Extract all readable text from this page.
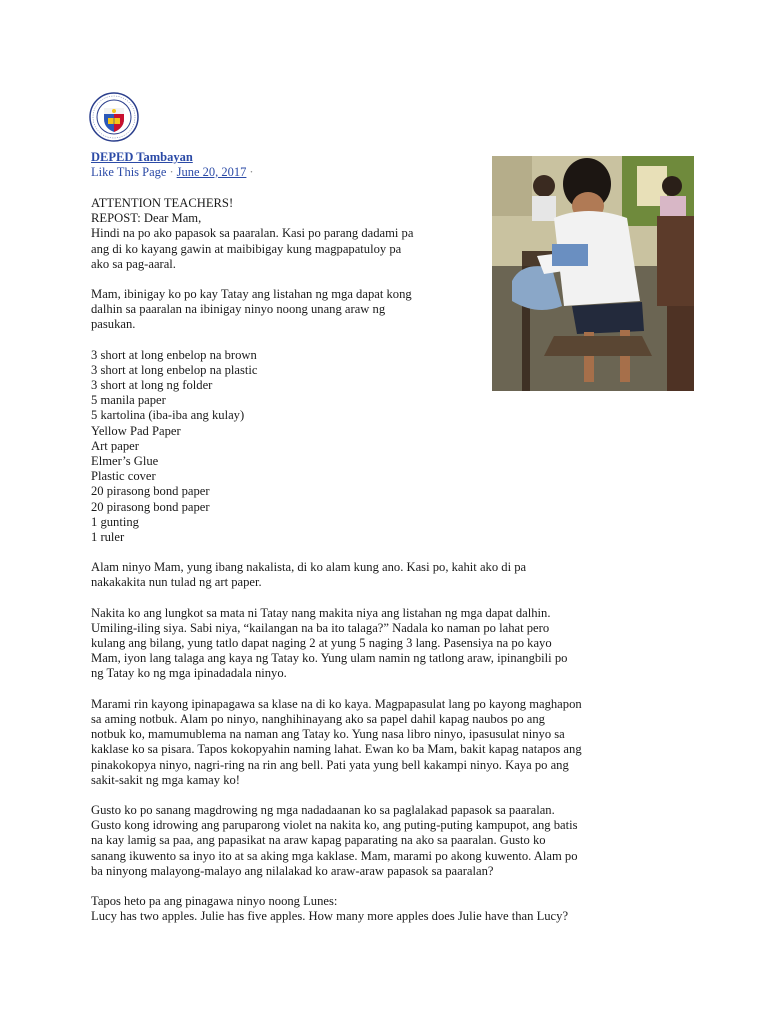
DEPED Tambayan
Like This Page · June 20, 2017 ·

ATTENTION TEACHERS!
REPOST: Dear Mam,
Hindi na po ako papasok sa paaralan. Kasi po parang dadami pa
ang di ko kayang gawin at maibibigay kung magpapatuloy pa
ako sa pag-aaral.

Mam, ibinigay ko po kay Tatay ang listahan ng mga dapat kong
dalhin sa paaralan na ibinigay ninyo noong unang araw ng
pasukan.

3 short at long enbelop na brown
3 short at long enbelop na plastic
3 short at long ng folder
5 manila paper
5 kartolina (iba-iba ang kulay)
Yellow Pad Paper
Art paper
Elmer’s Glue
Plastic cover
20 pirasong bond paper
20 pirasong bond paper
1 gunting
1 ruler

Alam ninyo Mam, yung ibang nakalista, di ko alam kung ano. Kasi po, kahit ako di pa
nakakakita nun tulad ng art paper.

Nakita ko ang lungkot sa mata ni Tatay nang makita niya ang listahan ng mga dapat dalhin.
Umiling-iling siya. Sabi niya, “kailangan na ba ito talaga?” Nadala ko naman po lahat pero
kulang ang bilang, yung tatlo dapat naging 2 at yung 5 naging 3 lang. Pasensiya na po kayo
Mam, iyon lang talaga ang kaya ng Tatay ko. Yung ulam namin ng tatlong araw, ipinangbili po
ng Tatay ko ng mga ipinadadala ninyo.

Marami rin kayong ipinapagawa sa klase na di ko kaya. Magpapasulat lang po kayong maghapon
sa aming notbuk. Alam po ninyo, nanghihinayang ako sa papel dahil kapag naubos po ang
notbuk ko, mamumublema na naman ang Tatay ko. Yung nasa libro ninyo, ipasusulat ninyo sa
kaklase ko sa pisara. Tapos kokopyahin naming lahat. Ewan ko ba Mam, bakit kapag natapos ang
pinakokopya ninyo, nagri-ring na rin ang bell. Pati yata yung bell kakampi ninyo. Kaya po ang
sakit-sakit ng mga kamay ko!

Gusto ko po sanang magdrowing ng mga nadadaanan ko sa paglalakad papasok sa paaralan.
Gusto kong idrowing ang paruparong violet na nakita ko, ang puting-puting kampupot, ang batis
na kay lamig sa paa, ang papasikat na araw kapag paparating na ako sa paaralan. Gusto ko
sanang ikuwento sa inyo ito at sa aking mga kaklase. Mam, marami po akong kuwento. Alam po
ba ninyong malayong-malayo ang nilalakad ko araw-araw papasok sa paaralan?

Tapos heto pa ang pinagawa ninyo noong Lunes:
Lucy has two apples. Julie has five apples. How many more apples does Julie have than Lucy?
